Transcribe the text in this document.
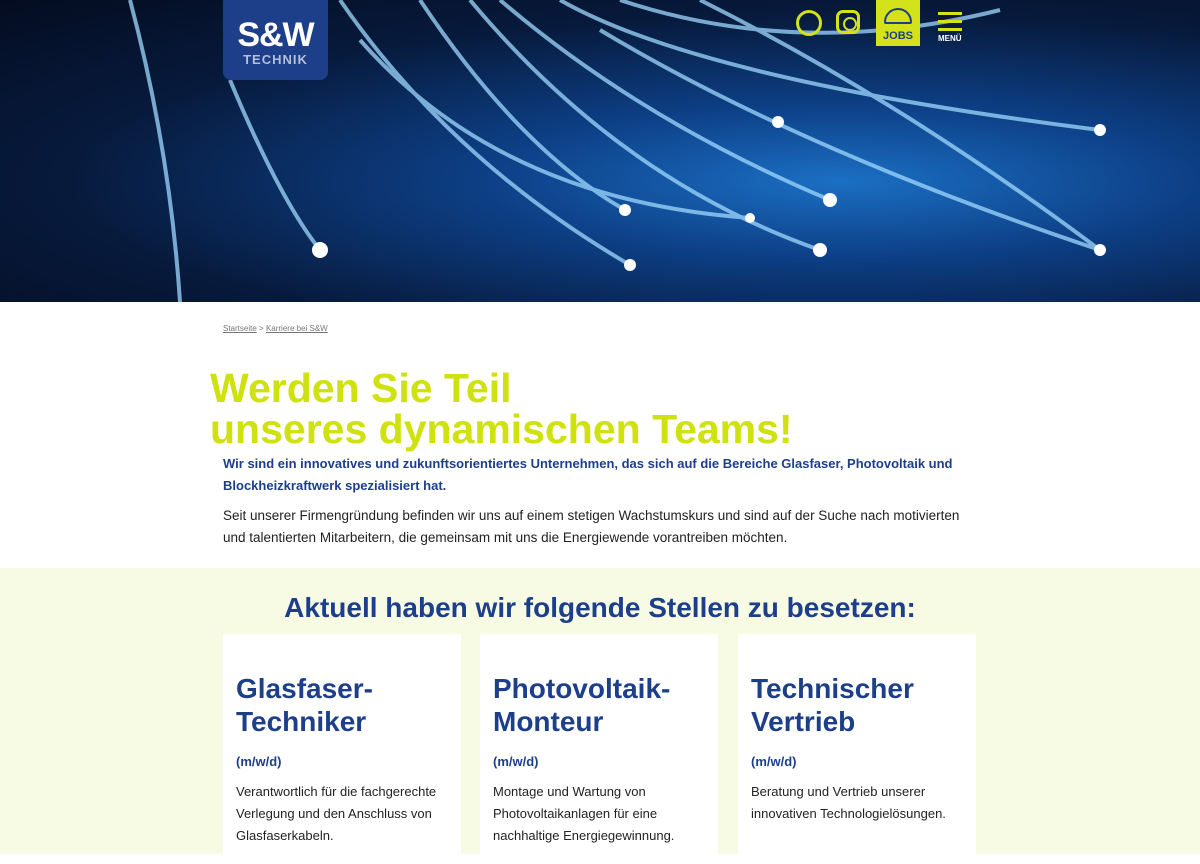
S&W
TECHNIK
JOBS	MENÜ
Startseite > Karriere bei S&W
Werden Sie Teil
unseres dynamischen Teams!
Wir sind ein innovatives und zukunftsorientiertes Unternehmen, das sich auf die Bereiche Glasfaser, Photovoltaik und Blockheizkraftwerk spezialisiert hat.
Seit unserer Firmengründung befinden wir uns auf einem stetigen Wachstumskurs und sind auf der Suche nach motivierten und talentierten Mitarbeitern, die gemeinsam mit uns die Energiewende vorantreiben möchten.
Aktuell haben wir folgende Stellen zu besetzen:
Glasfaser-
Techniker
(m/w/d)

Verantwortlich für die fachgerechte Verlegung und den Anschluss von Glasfaserkabeln.

Photovoltaik-
Monteur
(m/w/d)

Montage und Wartung von Photovoltaikanlagen für eine nachhaltige Energiegewinnung.

Technischer
Vertrieb
(m/w/d)

Beratung und Vertrieb unserer innovativen Technologielösungen.
